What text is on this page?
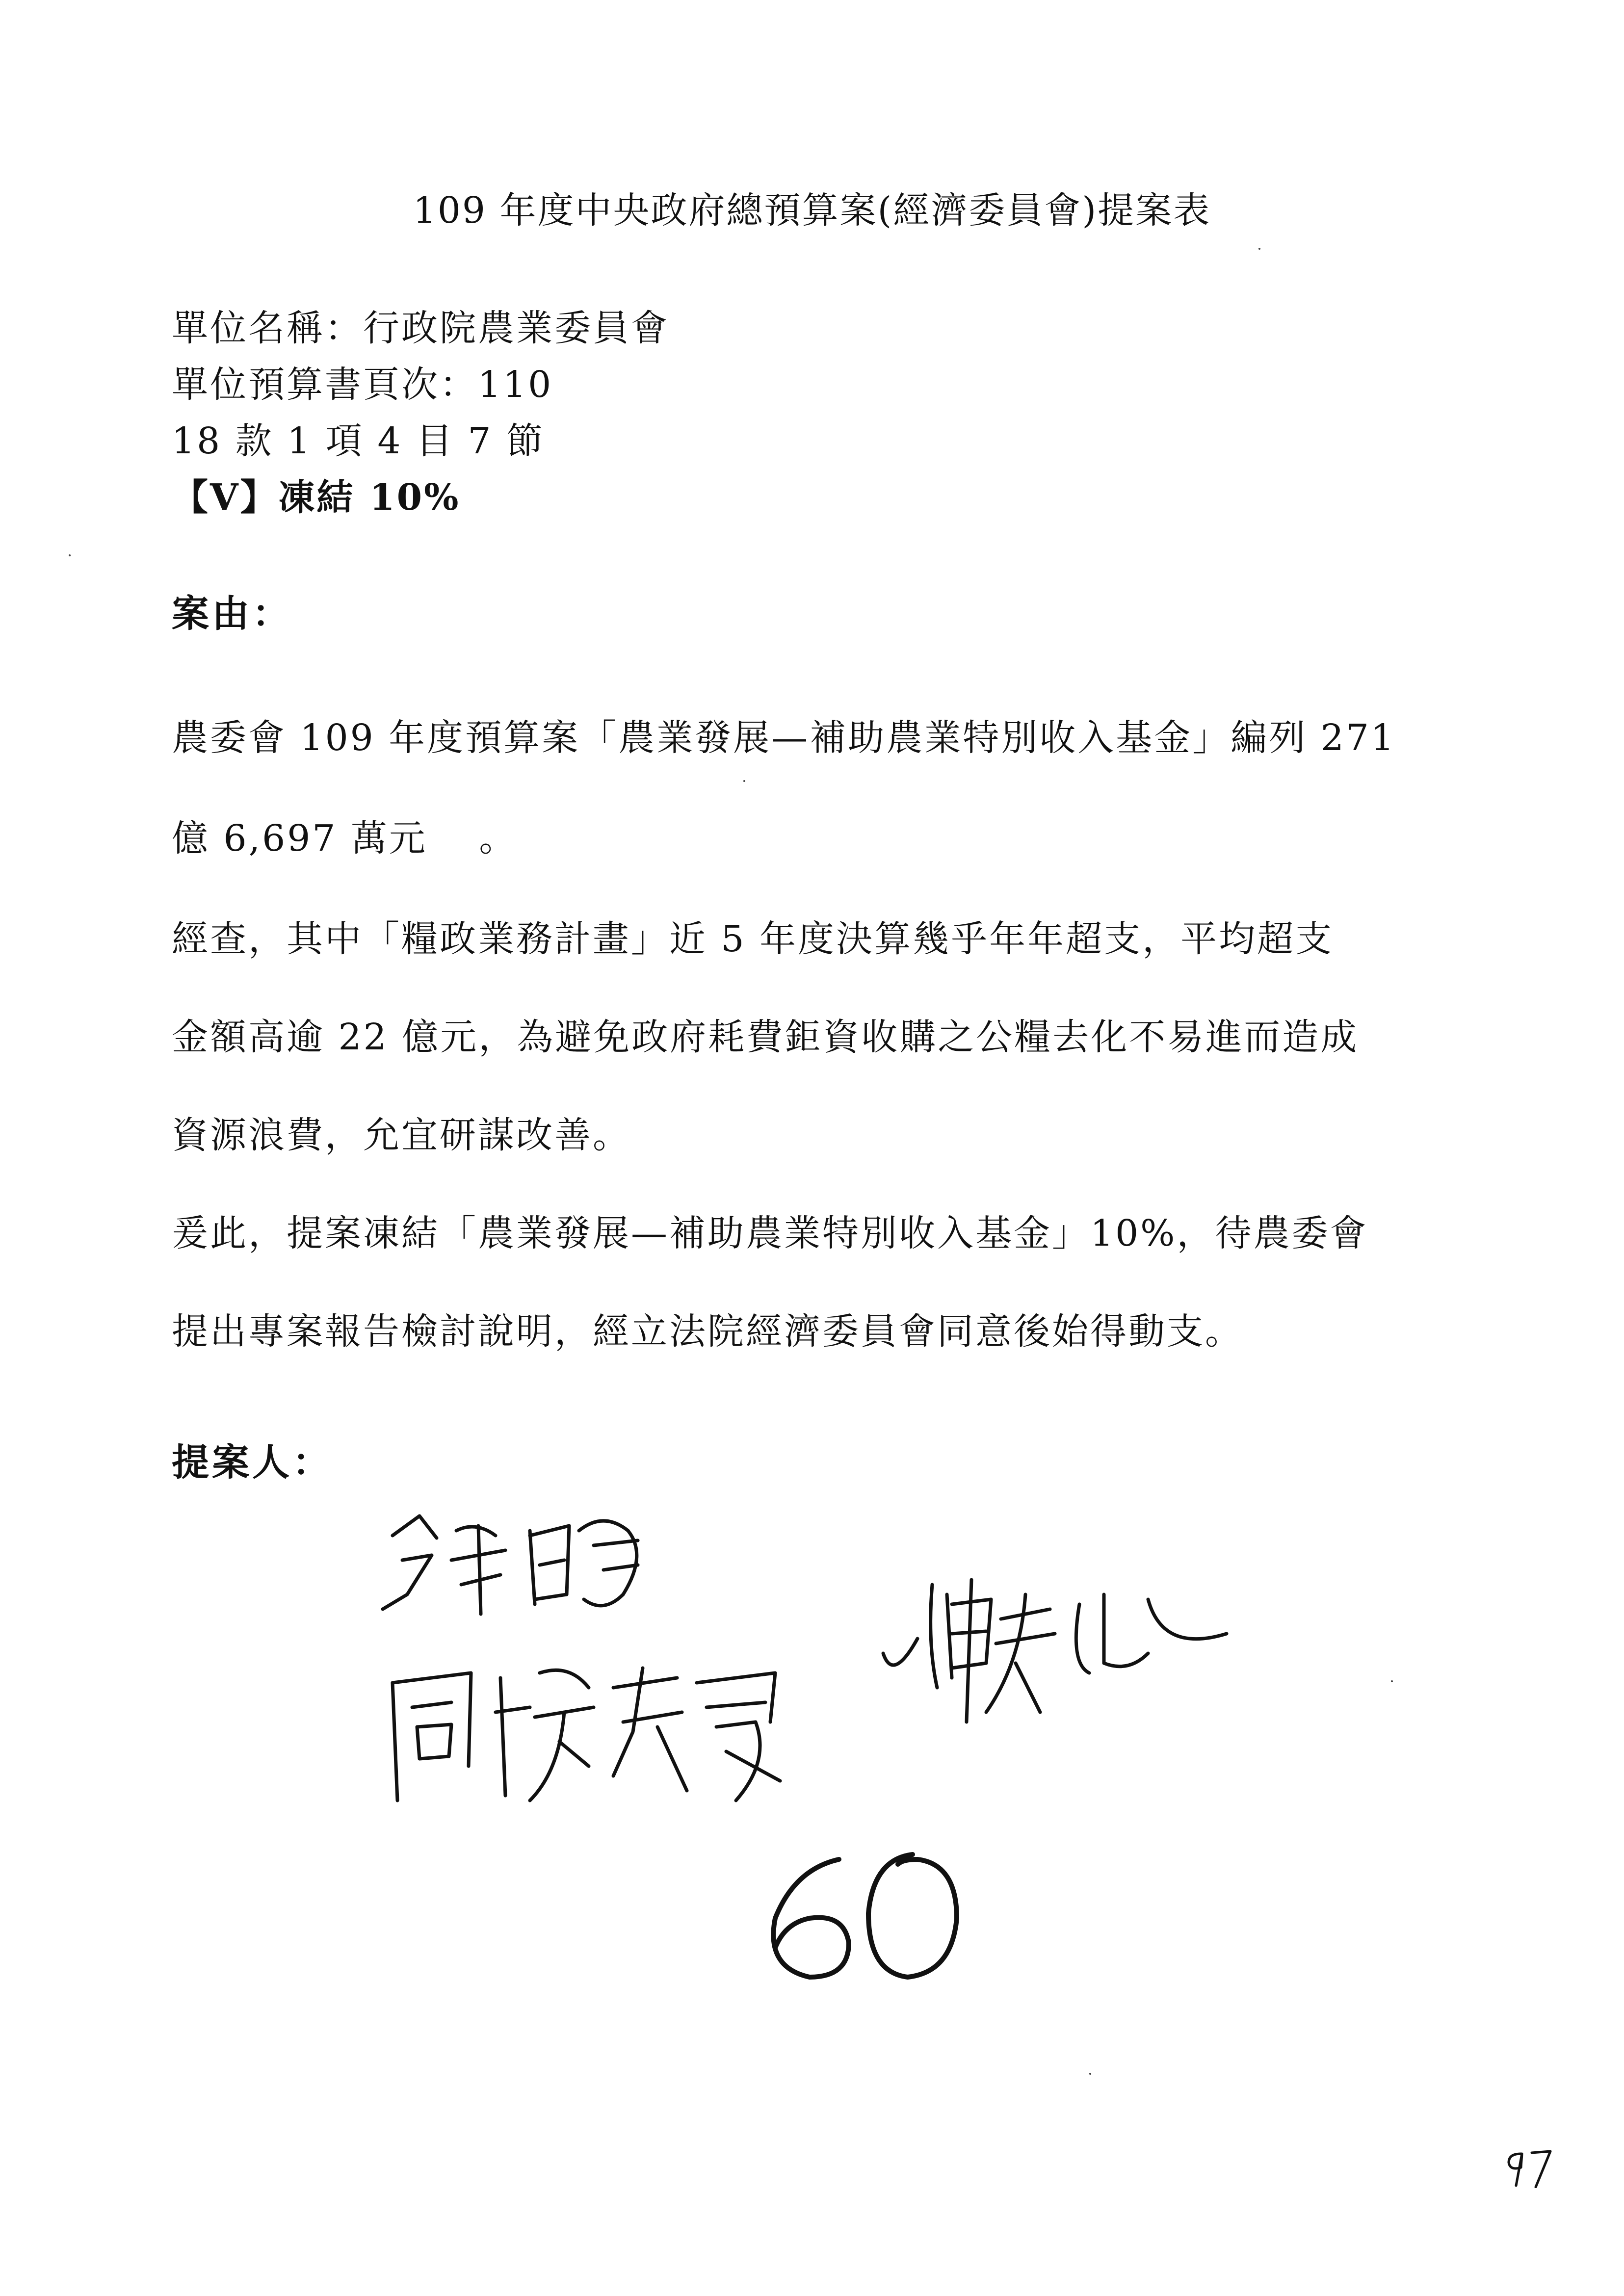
109 年度中央政府總預算案(經濟委員會)提案表
單位名稱：行政院農業委員會
單位預算書頁次：110
18 款 1 項 4 目 7 節
【V】凍結 10%
案由：
農委會 109 年度預算案「農業發展—補助農業特別收入基金」編列 271
億 6,697 萬元 　。
經查，其中「糧政業務計畫」近 5 年度決算幾乎年年超支，平均超支
金額高逾 22 億元，為避免政府耗費鉅資收購之公糧去化不易進而造成
資源浪費，允宜研謀改善。
爰此，提案凍結「農業發展—補助農業特別收入基金」10%，待農委會
提出專案報告檢討說明，經立法院經濟委員會同意後始得動支。
提案人：
